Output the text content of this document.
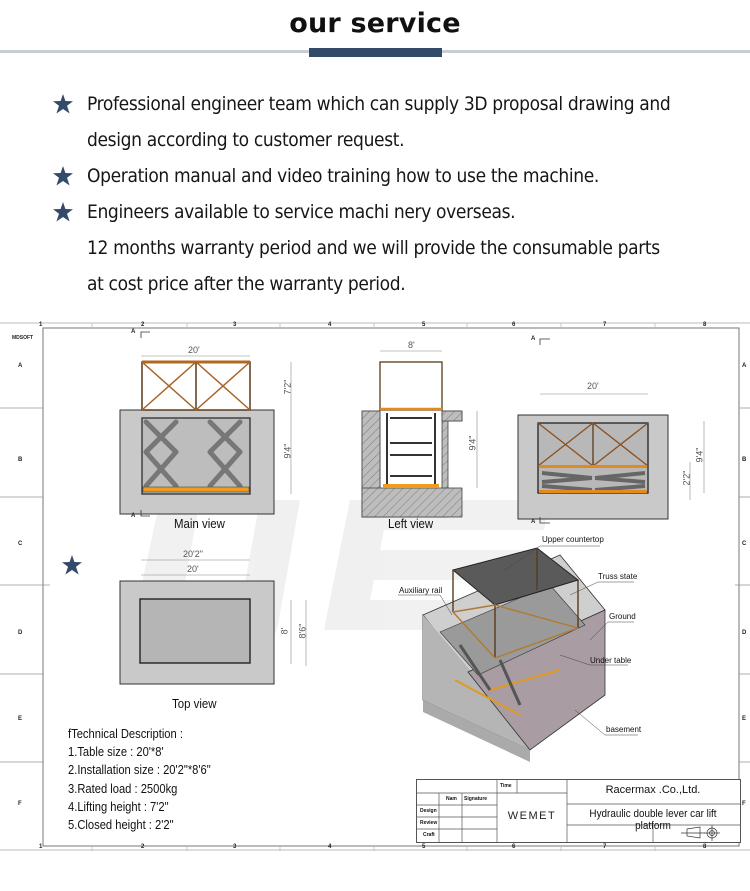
our service
Professional engineer team which can supply 3D proposal drawing and
design according to customer request.
Operation manual and video training how to use the machine.
Engineers available to service machi nery overseas.
12 months warranty period and we will provide the consumable parts
at cost price after the warranty period.
1	2	3	4	5	6	7	8
1	2	3	4	5	6	7	8
MDSOFT
A
B
C
D
E
F
A
B
C
D
E
F
A
A
A
A
20'
7'2"
9'4"
8'
9'4"
20'
9'4"
2'2"
20'2"
20'
8' 8'6"
Main view	Left view
Top view
Upper countertop
Truss state
Auxiliary rail
Ground
Under table
basement
fTechnical Description :
1.Table size : 20'*8'
2.Installation size : 20'2"*8'6"
3.Rated load : 2500kg
4.Lifting height : 7'2"
5.Closed height : 2'2"
Time
Nam Signature
Design
Review
Craft
WEMET
Racermax .Co.,Ltd.
Hydraulic double lever car lift platform
